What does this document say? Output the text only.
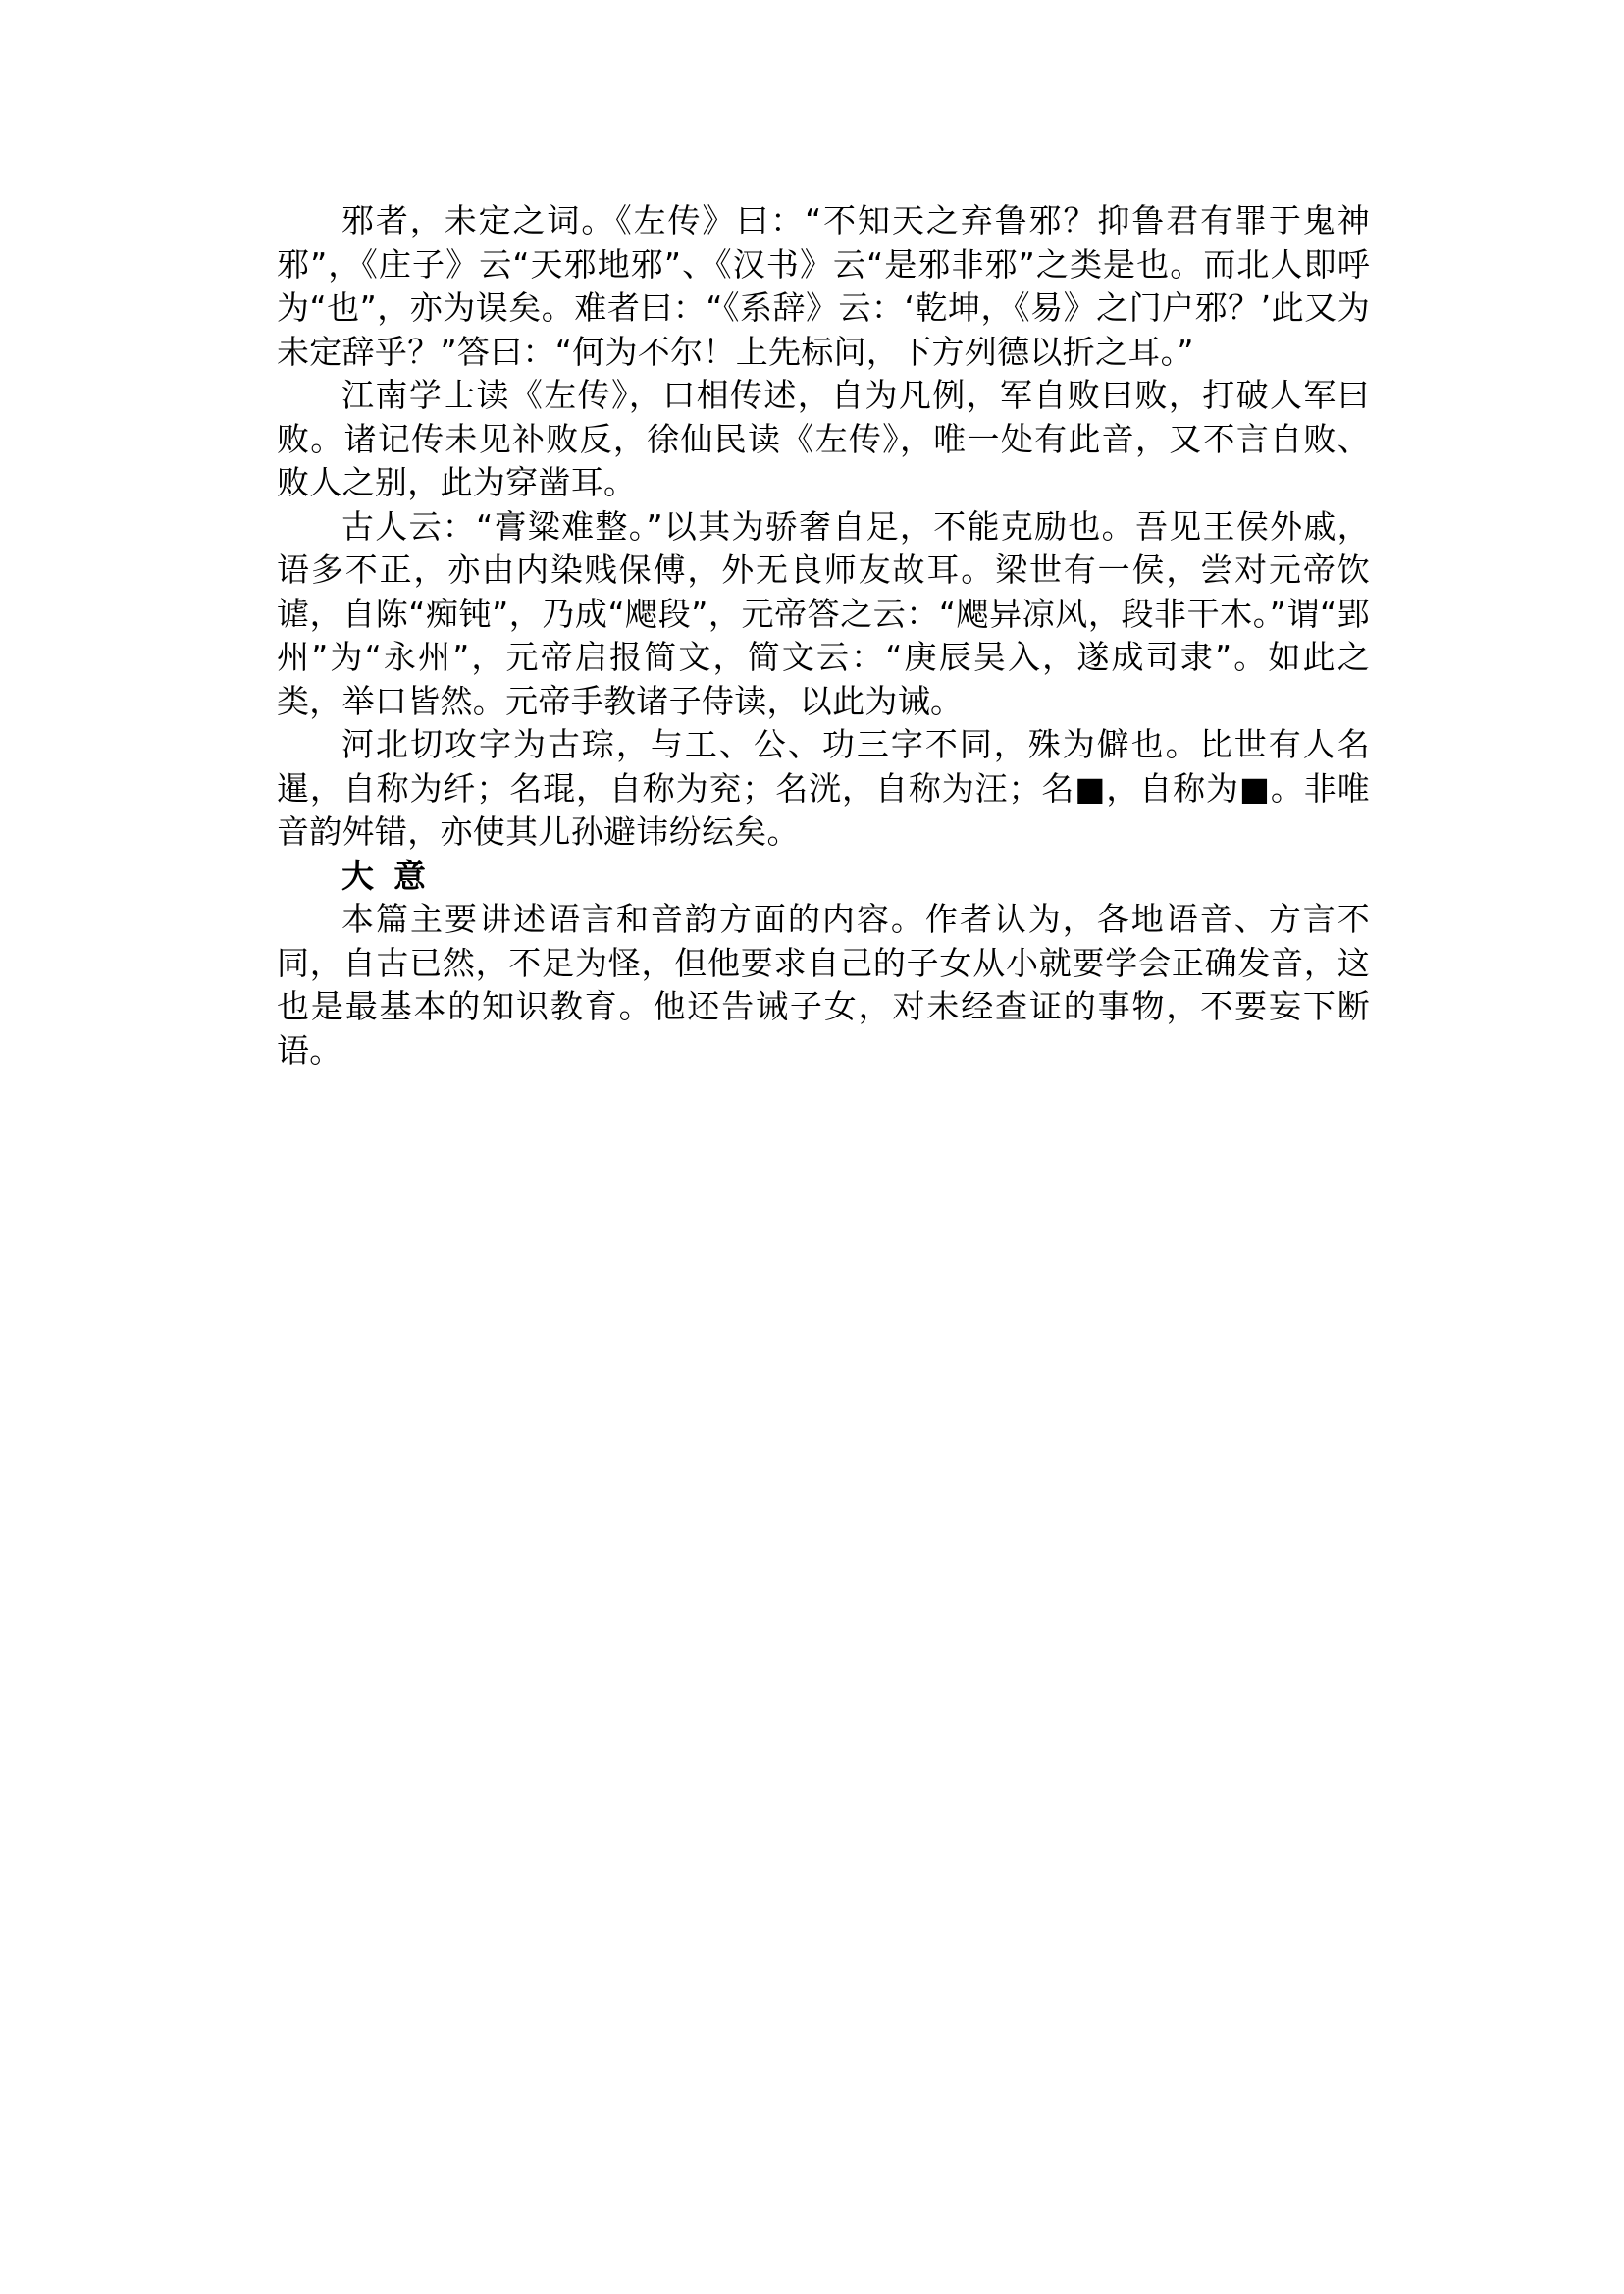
邪者，未定之词。《左传》曰：“不知天之弃鲁邪？抑鲁君有罪于鬼神邪”，《庄子》云“天邪地邪”、《汉书》云“是邪非邪”之类是也。而北人即呼为“也”，亦为误矣。难者曰：“《系辞》云：‘乾坤，《易》之门户邪？’此又为未定辞乎？”答曰：“何为不尔！上先标问，下方列德以折之耳。”

江南学士读《左传》，口相传述，自为凡例，军自败曰败，打破人军曰败。诸记传未见补败反，徐仙民读《左传》，唯一处有此音，又不言自败、败人之别，此为穿凿耳。

古人云：“膏粱难整。”以其为骄奢自足，不能克励也。吾见王侯外戚，语多不正，亦由内染贱保傅，外无良师友故耳。梁世有一侯，尝对元帝饮谑，自陈“痴钝”，乃成“飔段”，元帝答之云：“飔异凉风，段非干木。”谓“郢州”为“永州”，元帝启报简文，简文云：“庚辰吴入，遂成司隶”。如此之类，举口皆然。元帝手教诸子侍读，以此为诫。

河北切攻字为古琮，与工、公、功三字不同，殊为僻也。比世有人名暹，自称为纤；名琨，自称为兖；名洸，自称为汪；名■，自称为■。非唯音韵舛错，亦使其儿孙避讳纷纭矣。

大意

本篇主要讲述语言和音韵方面的内容。作者认为，各地语音、方言不同，自古已然，不足为怪，但他要求自己的子女从小就要学会正确发音，这也是最基本的知识教育。他还告诫子女，对未经查证的事物，不要妄下断语。
